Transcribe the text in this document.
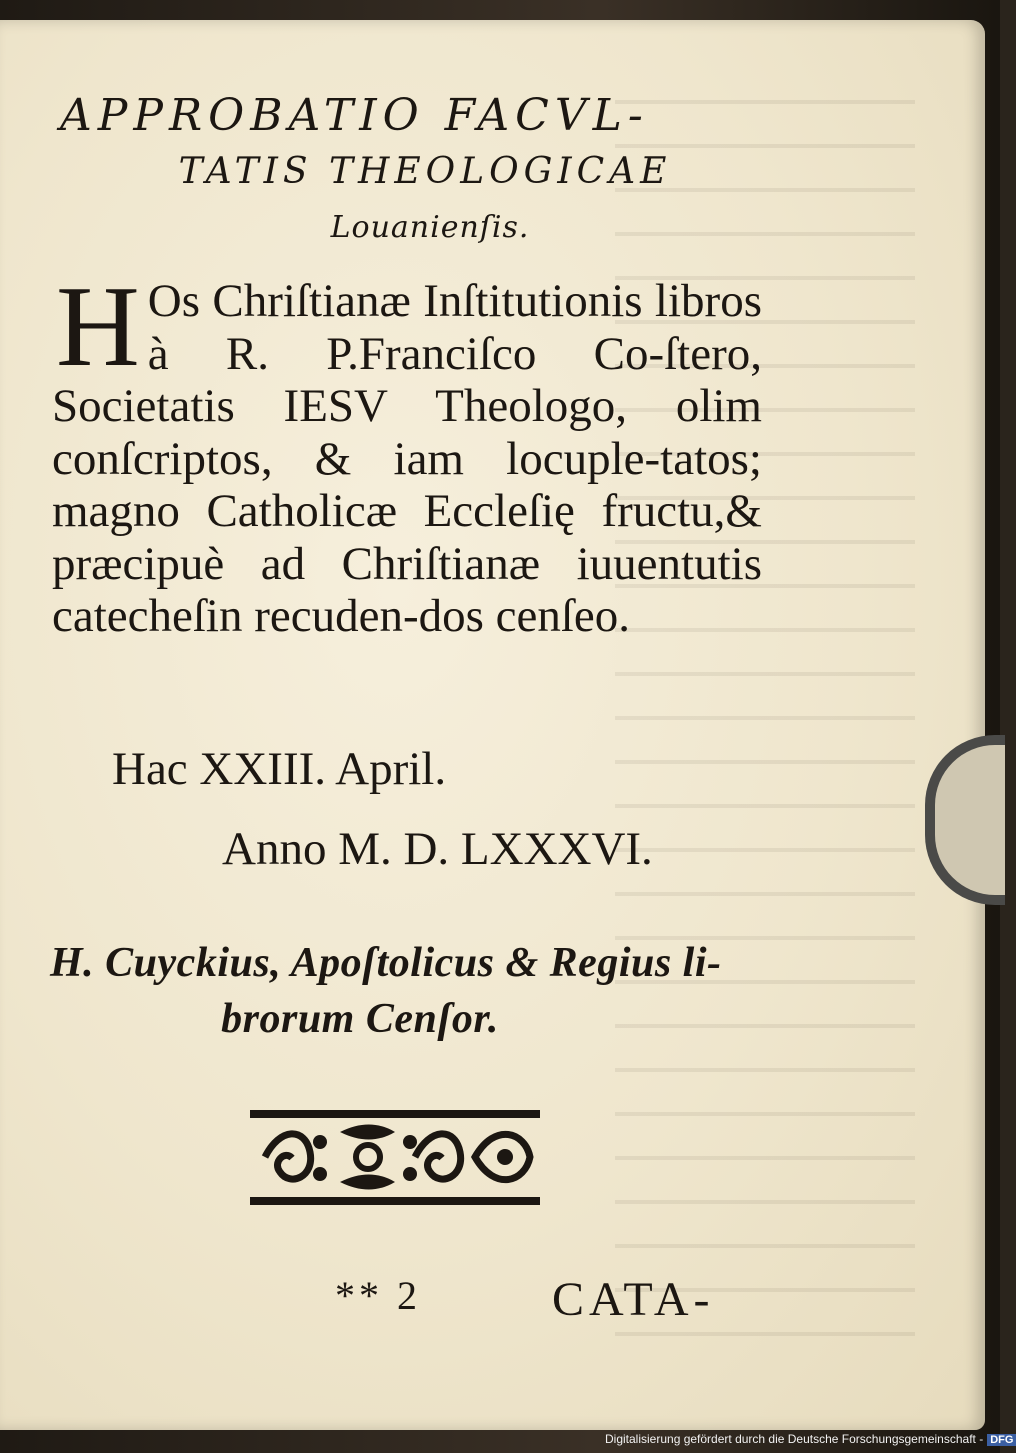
APPROBATIO FACVL-
TATIS THEOLOGICAE
Louanienſis.
H Os Chriſtianæ Inſtitutionis libros à R. P.Franciſco Co-ſtero, Societatis IESV Theologo, olim conſcriptos, & iam locuple-tatos; magno Catholicæ Eccleſię fructu,& præcipuè ad Chriſtianæ iuuentutis catecheſin recuden-dos cenſeo.
Hac XXIII. April.
Anno M. D. LXXXVI.
H. Cuyckius, Apoſtolicus & Regius li-
brorum Cenſor.
** 2	CATA-
Digitalisierung gefördert durch die Deutsche Forschungsgemeinschaft - DFG
